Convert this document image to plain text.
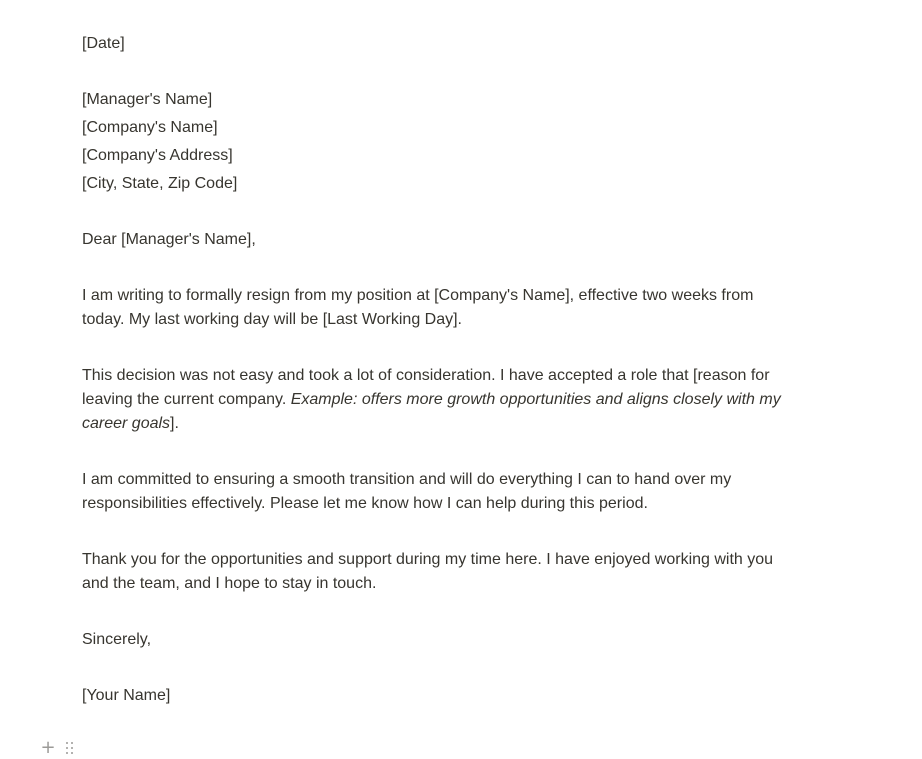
[Date]

[Manager's Name]

[Company's Name]

[Company's Address]

[City, State, Zip Code]

Dear [Manager's Name],

I am writing to formally resign from my position at [Company's Name], effective two weeks from today. My last working day will be [Last Working Day].

This decision was not easy and took a lot of consideration. I have accepted a role that [reason for leaving the current company. Example: offers more growth opportunities and aligns closely with my career goals].

I am committed to ensuring a smooth transition and will do everything I can to hand over my responsibilities effectively. Please let me know how I can help during this period.

Thank you for the opportunities and support during my time here. I have enjoyed working with you and the team, and I hope to stay in touch.

Sincerely,

[Your Name]

+
